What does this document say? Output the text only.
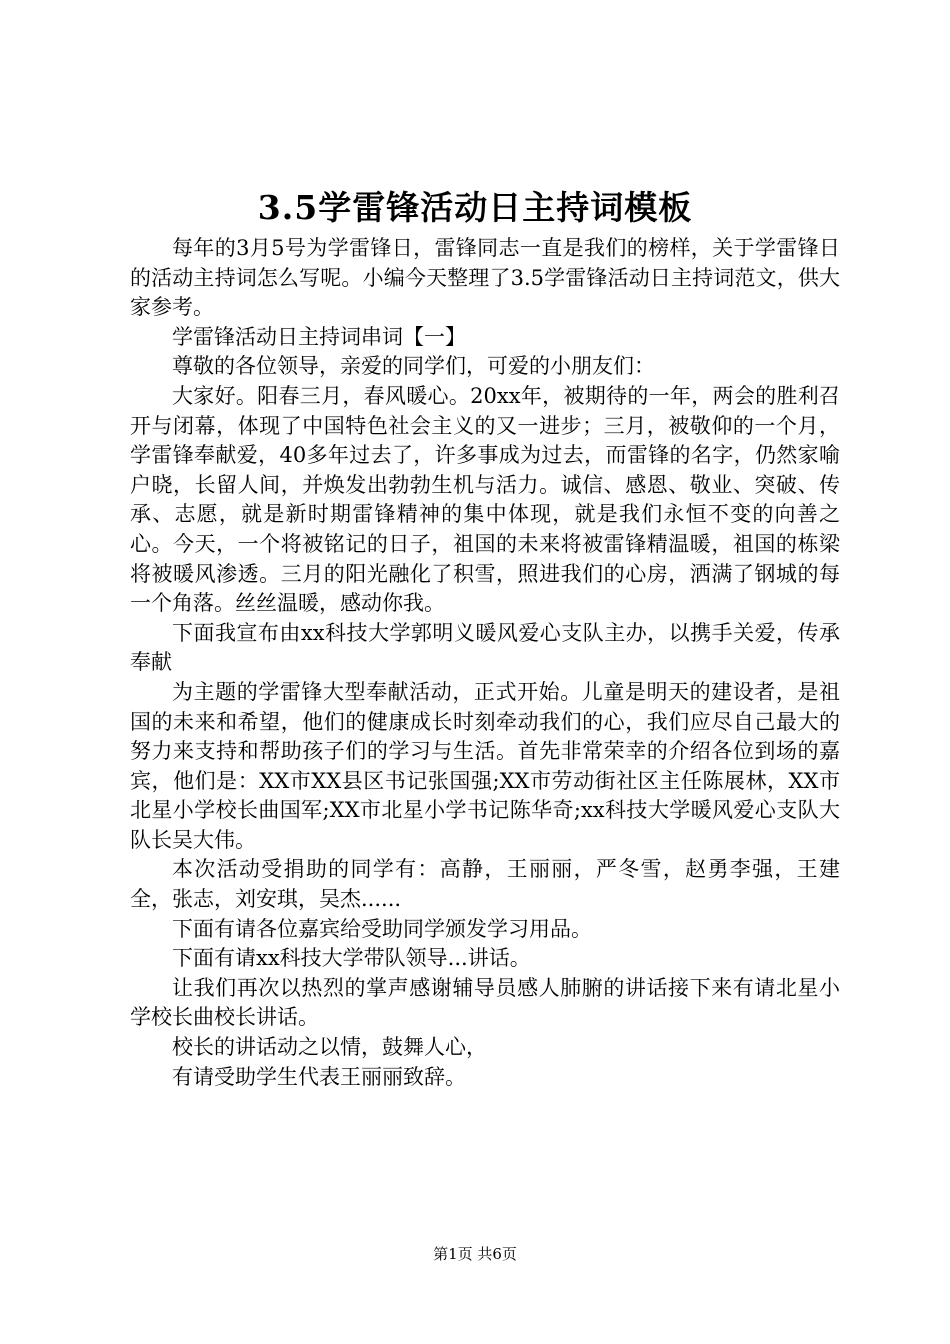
3.5学雷锋活动日主持词模板

每年的3月5号为学雷锋日，雷锋同志一直是我们的榜样，关于学雷锋日的活动主持词怎么写呢。小编今天整理了3.5学雷锋活动日主持词范文，供大家参考。

学雷锋活动日主持词串词【一】

尊敬的各位领导，亲爱的同学们，可爱的小朋友们：

大家好。阳春三月，春风暖心。20xx年，被期待的一年，两会的胜利召开与闭幕，体现了中国特色社会主义的又一进步；三月，被敬仰的一个月，学雷锋奉献爱，40多年过去了，许多事成为过去，而雷锋的名字，仍然家喻户晓，长留人间，并焕发出勃勃生机与活力。诚信、感恩、敬业、突破、传承、志愿，就是新时期雷锋精神的集中体现，就是我们永恒不变的向善之心。今天，一个将被铭记的日子，祖国的未来将被雷锋精温暖，祖国的栋梁将被暖风渗透。三月的阳光融化了积雪，照进我们的心房，洒满了钢城的每一个角落。丝丝温暖，感动你我。

下面我宣布由xx科技大学郭明义暖风爱心支队主办，以携手关爱，传承奉献

为主题的学雷锋大型奉献活动，正式开始。儿童是明天的建设者，是祖国的未来和希望，他们的健康成长时刻牵动我们的心，我们应尽自己最大的努力来支持和帮助孩子们的学习与生活。首先非常荣幸的介绍各位到场的嘉宾，他们是：XX市XX县区书记张国强;XX市劳动街社区主任陈展林，XX市北星小学校长曲国军;XX市北星小学书记陈华奇;xx科技大学暖风爱心支队大队长吴大伟。

本次活动受捐助的同学有：高静，王丽丽，严冬雪，赵勇李强，王建全，张志，刘安琪，吴杰......

下面有请各位嘉宾给受助同学颁发学习用品。

下面有请xx科技大学带队领导...讲话。

让我们再次以热烈的掌声感谢辅导员感人肺腑的讲话接下来有请北星小学校长曲校长讲话。

校长的讲话动之以情，鼓舞人心，

有请受助学生代表王丽丽致辞。

第1页 共6页
